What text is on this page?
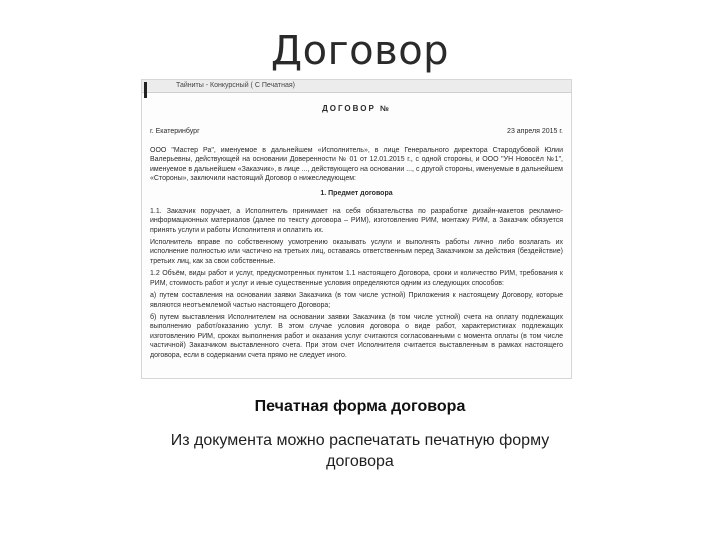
Договор
Тайниты - Конкурсный ( С Печатная)
ДОГОВОР №
г. Екатеринбург	23 апреля 2015 г.

ООО "Мастер Ра", именуемое в дальнейшем «Исполнитель», в лице Генерального директора Стародубовой Юлии Валерьевны, действующей на основании Доверенности № 01 от 12.01.2015 г., с одной стороны, и ООО "УН Новосёл №1", именуемое в дальнейшем «Заказчик», в лице ..., действующего на основании ..., с другой стороны, именуемые в дальнейшем «Стороны», заключили настоящий Договор о нижеследующем:

1. Предмет договора

1.1. Заказчик поручает, а Исполнитель принимает на себя обязательства по разработке дизайн-макетов рекламно-информационных материалов (далее по тексту договора – РИМ), изготовлению РИМ, монтажу РИМ, а Заказчик обязуется принять услуги и работы Исполнителя и оплатить их.

Исполнитель вправе по собственному усмотрению оказывать услуги и выполнять работы лично либо возлагать их исполнение полностью или частично на третьих лиц, оставаясь ответственным перед Заказчиком за действия (бездействие) третьих лиц, как за свои собственные.

1.2 Объём, виды работ и услуг, предусмотренных пунктом 1.1 настоящего Договора, сроки и количество РИМ, требования к РИМ, стоимость работ и услуг и иные существенные условия определяются одним из следующих способов:

а) путем составления на основании заявки Заказчика (в том числе устной) Приложения к настоящему Договору, которые являются неотъемлемой частью настоящего Договора;

б) путем выставления Исполнителем на основании заявки Заказчика (в том числе устной) счета на оплату подлежащих выполнению работ/оказанию услуг. В этом случае условия договора о виде работ, характеристиках подлежащих изготовлению РИМ, сроках выполнения работ и оказания услуг считаются согласованными с момента оплаты (в том числе частичной) Заказчиком выставленного счета. При этом счет Исполнителя считается выставленным в рамках настоящего договора, если в содержании счета прямо не следует иного.

Печатная форма договора
Из документа можно распечатать печатную форму договора
